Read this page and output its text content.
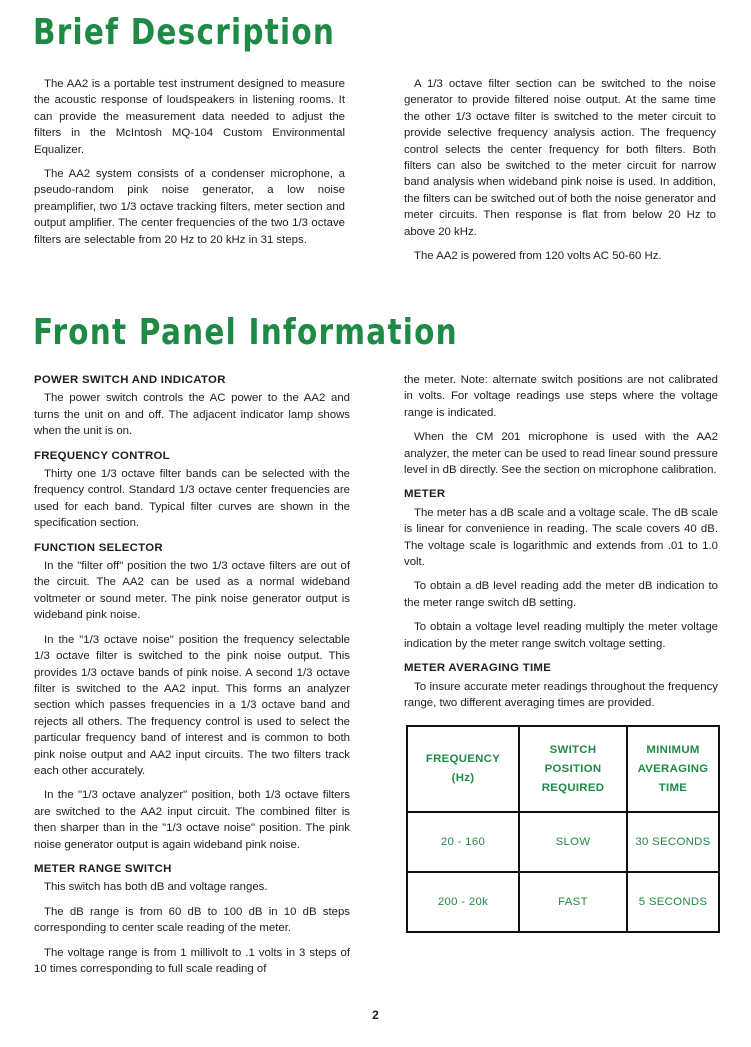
Brief Description

The AA2 is a portable test instrument designed to measure the acoustic response of loudspeakers in listening rooms. It can provide the measurement data needed to adjust the filters in the McIntosh MQ-104 Custom Environmental Equalizer.

The AA2 system consists of a condenser microphone, a pseudo-random pink noise generator, a low noise preamplifier, two 1/3 octave tracking filters, meter section and output amplifier. The center frequencies of the two 1/3 octave filters are selectable from 20 Hz to 20 kHz in 31 steps.

A 1/3 octave filter section can be switched to the noise generator to provide filtered noise output. At the same time the other 1/3 octave filter is switched to the meter circuit to provide selective frequency analysis action. The frequency control selects the center frequency for both filters. Both filters can also be switched to the meter circuit for narrow band analysis when wideband pink noise is used. In addition, the filters can be switched out of both the noise generator and meter circuits. Then response is flat from below 20 Hz to above 20 kHz.

The AA2 is powered from 120 volts AC 50-60 Hz.

Front Panel Information
POWER SWITCH AND INDICATOR

The power switch controls the AC power to the AA2 and turns the unit on and off. The adjacent indicator lamp shows when the unit is on.

FREQUENCY CONTROL

Thirty one 1/3 octave filter bands can be selected with the frequency control. Standard 1/3 octave center frequencies are used for each band. Typical filter curves are shown in the specification section.

FUNCTION SELECTOR

In the "filter off" position the two 1/3 octave filters are out of the circuit. The AA2 can be used as a normal wideband voltmeter or sound meter. The pink noise generator output is wideband pink noise.

In the "1/3 octave noise" position the frequency selectable 1/3 octave filter is switched to the pink noise output. This provides 1/3 octave bands of pink noise. A second 1/3 octave filter is switched to the AA2 input. This forms an analyzer section which passes frequencies in a 1/3 octave band and rejects all others. The frequency control is used to select the particular frequency band of interest and is common to both pink noise output and AA2 input circuits. The two filters track each other accurately.

In the "1/3 octave analyzer" position, both 1/3 octave filters are switched to the AA2 input circuit. The combined filter is then sharper than in the "1/3 octave noise" position. The pink noise generator output is again wideband pink noise.

METER RANGE SWITCH

This switch has both dB and voltage ranges.

The dB range is from 60 dB to 100 dB in 10 dB steps corresponding to center scale reading of the meter.

The voltage range is from 1 millivolt to .1 volts in 3 steps of 10 times corresponding to full scale reading of

the meter. Note: alternate switch positions are not calibrated in volts. For voltage readings use steps where the voltage range is indicated.

When the CM 201 microphone is used with the AA2 analyzer, the meter can be used to read linear sound pressure level in dB directly. See the section on microphone calibration.

METER

The meter has a dB scale and a voltage scale. The dB scale is linear for convenience in reading. The scale covers 40 dB. The voltage scale is logarithmic and extends from .01 to 1.0 volt.

To obtain a dB level reading add the meter dB indication to the meter range switch dB setting.

To obtain a voltage level reading multiply the meter voltage indication by the meter range switch voltage setting.

METER AVERAGING TIME

To insure accurate meter readings throughout the frequency range, two different averaging times are provided.

FREQUENCY
(Hz)	SWITCH
POSITION
REQUIRED	MINIMUM
AVERAGING
TIME
20 - 160	SLOW	30 SECONDS
200 - 20k	FAST	5 SECONDS
2
